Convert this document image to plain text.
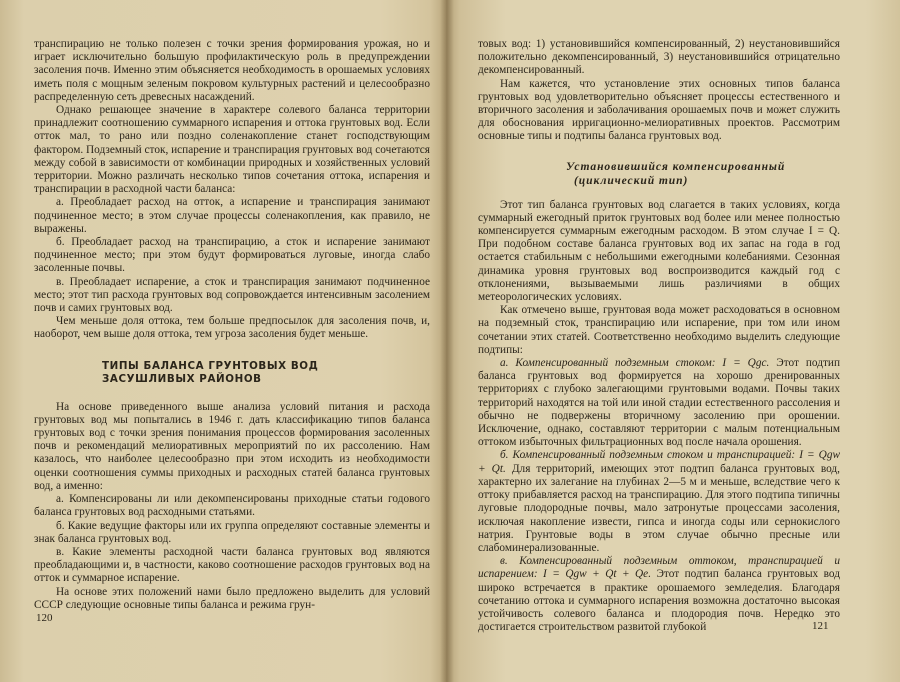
транспирацию не только полезен с точки зрения формирования урожая, но и играет исключительно большую профилактическую роль в предупреждении засоления почв. Именно этим объясняется необходимость в орошаемых условиях иметь поля с мощным зеленым покровом культурных растений и целесообразно распределенную сеть древесных насаждений.

Однако решающее значение в характере солевого баланса территории принадлежит соотношению суммарного испарения и оттока грунтовых вод. Если отток мал, то рано или поздно соленакопление станет господствующим фактором. Подземный сток, испарение и транспирация грунтовых вод сочетаются между собой в зависимости от комбинации природных и хозяйственных условий территории. Можно различать несколько типов сочетания оттока, испарения и транспирации в расходной части баланса:

а. Преобладает расход на отток, а испарение и транспирация занимают подчиненное место; в этом случае процессы соленакопления, как правило, не выражены.

б. Преобладает расход на транспирацию, а сток и испарение занимают подчиненное место; при этом будут формироваться луговые, иногда слабо засоленные почвы.

в. Преобладает испарение, а сток и транспирация занимают подчиненное место; этот тип расхода грунтовых вод сопровождается интенсивным засолением почв и самих грунтовых вод.

Чем меньше доля оттока, тем больше предпосылок для засоления почв, и, наоборот, чем выше доля оттока, тем угроза засоления будет меньше.

ТИПЫ БАЛАНСА ГРУНТОВЫХ ВОД
ЗАСУШЛИВЫХ РАЙОНОВ

На основе приведенного выше анализа условий питания и расхода грунтовых вод мы попытались в 1946 г. дать классификацию типов баланса грунтовых вод с точки зрения понимания процессов формирования засоленных почв и рекомендаций мелиоративных мероприятий по их рассолению. Нам казалось, что наиболее целесообразно при этом исходить из необходимости оценки соотношения суммы приходных и расходных статей баланса грунтовых вод, а именно:

а. Компенсированы ли или декомпенсированы приходные статьи годового баланса грунтовых вод расходными статьями.

б. Какие ведущие факторы или их группа определяют составные элементы и знак баланса грунтовых вод.

в. Какие элементы расходной части баланса грунтовых вод являются преобладающими и, в частности, каково соотношение расходов грунтовых вод на отток и суммарное испарение.

На основе этих положений нами было предложено выделить для условий СССР следующие основные типы баланса и режима грун-

120

товых вод: 1) установившийся компенсированный, 2) неустановившийся положительно декомпенсированный, 3) неустановившийся отрицательно декомпенсированный.

Нам кажется, что установление этих основных типов баланса грунтовых вод удовлетворительно объясняет процессы естественного и вторичного засоления и заболачивания орошаемых почв и может служить для обоснования ирригационно-мелиоративных проектов. Рассмотрим основные типы и подтипы баланса грунтовых вод.

Установившийся компенсированный
(циклический тип)

Этот тип баланса грунтовых вод слагается в таких условиях, когда суммарный ежегодный приток грунтовых вод более или менее полностью компенсируется суммарным ежегодным расходом. В этом случае I = Q. При подобном составе баланса грунтовых вод их запас на года в год остается стабильным с небольшими ежегодными колебаниями. Сезонная динамика уровня грунтовых вод воспроизводится каждый год с отклонениями, вызываемыми лишь различиями в общих метеорологических условиях.

Как отмечено выше, грунтовая вода может расходоваться в основном на подземный сток, транспирацию или испарение, при том или ином сочетании этих статей. Соответственно необходимо выделить следующие подтипы:

а. Компенсированный подземным стоком: I = Qgc. Этот подтип баланса грунтовых вод формируется на хорошо дренированных территориях с глубоко залегающими грунтовыми водами. Почвы таких территорий находятся на той или иной стадии естественного рассоления и обычно не подвержены вторичному засолению при орошении. Исключение, однако, составляют территории с малым потенциальным оттоком избыточных фильтрационных вод после начала орошения.

б. Компенсированный подземным стоком и транспирацией: I = Qgw + Qt. Для территорий, имеющих этот подтип баланса грунтовых вод, характерно их залегание на глубинах 2—5 м и меньше, вследствие чего к оттоку прибавляется расход на транспирацию. Для этого подтипа типичны луговые плодородные почвы, мало затронутые процессами засоления, исключая накопление извести, гипса и иногда соды или сернокислого натрия. Грунтовые воды в этом случае обычно пресные или слабоминерализованные.

в. Компенсированный подземным оттоком, транспирацией и испарением: I = Qgw + Qt + Qe. Этот подтип баланса грунтовых вод широко встречается в практике орошаемого земледелия. Благодаря сочетанию оттока и суммарного испарения возможна достаточно высокая устойчивость солевого баланса и плодородия почв. Нередко это достигается строительством развитой глубокой	121
